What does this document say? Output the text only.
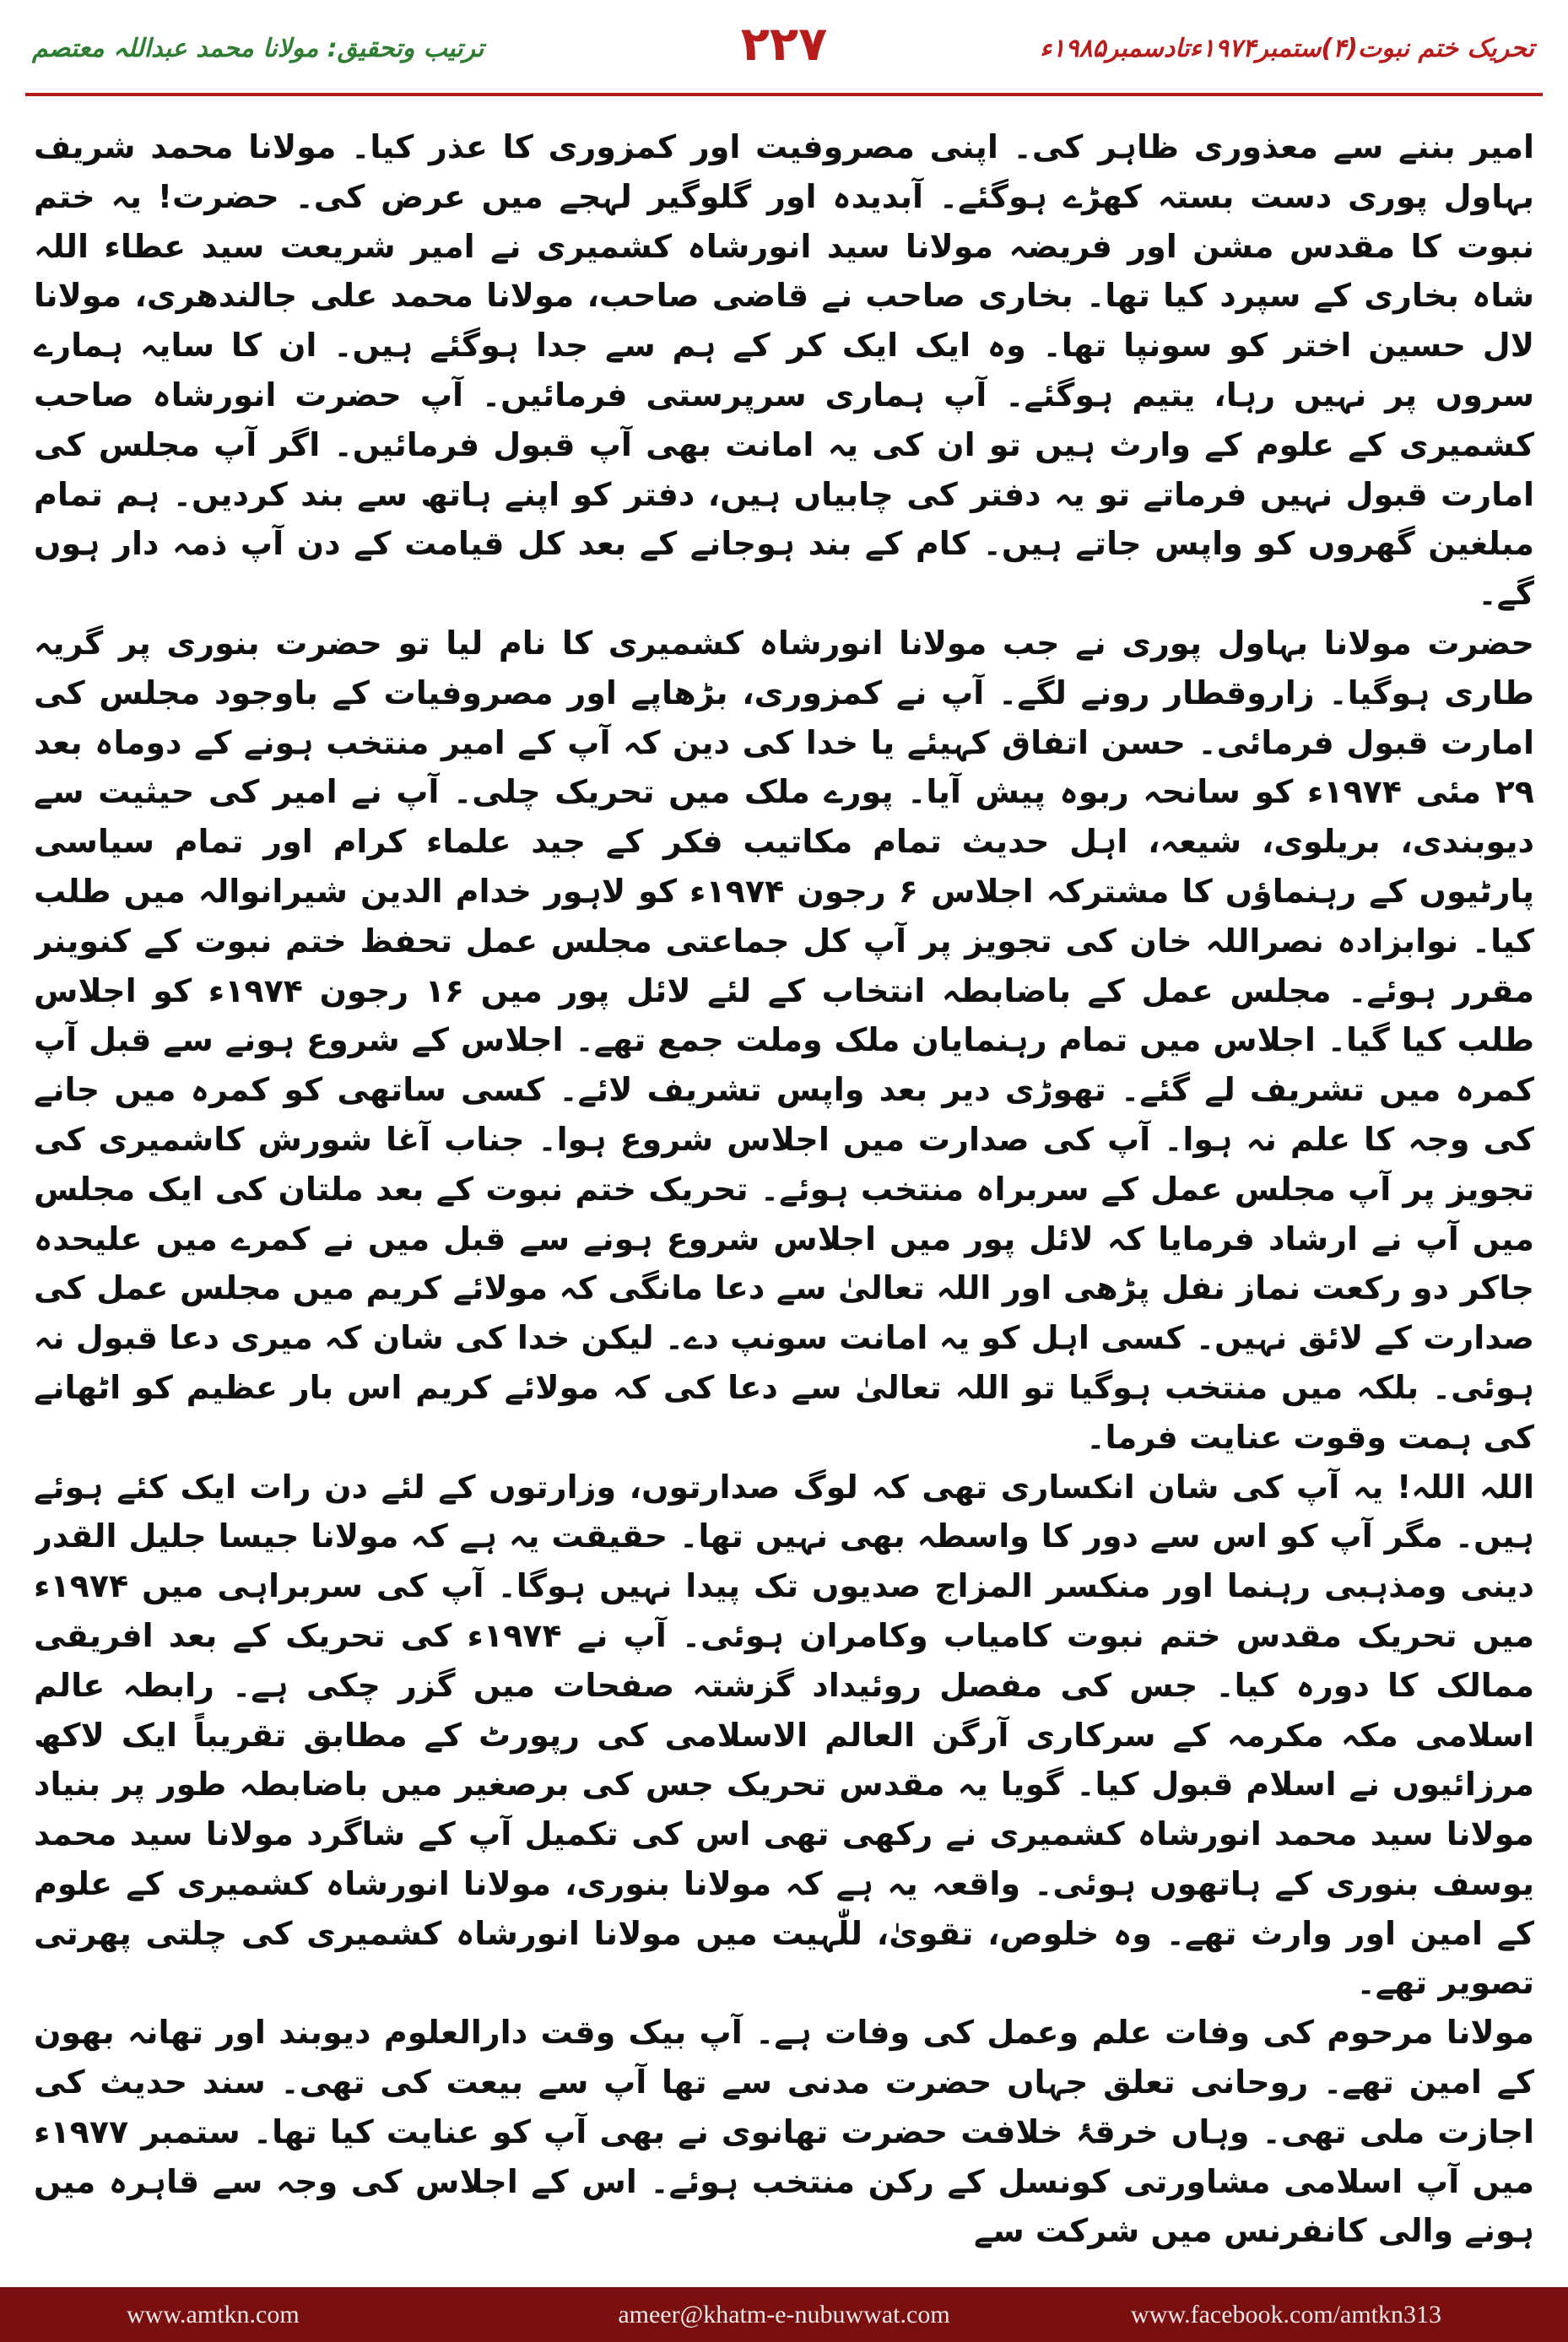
ترتیب وتحقیق: مولانا محمد عبداللہ معتصم	۲۲۷	تحریک ختم نبوت(۴)ستمبر۱۹۷۴ءتادسمبر۱۹۸۵ء

امیر بننے سے معذوری ظاہر کی۔ اپنی مصروفیت اور کمزوری کا عذر کیا۔ مولانا محمد شریف بہاول پوری دست بستہ کھڑے ہوگئے۔ آبدیدہ اور گلوگیر لہجے میں عرض کی۔ حضرت! یہ ختم نبوت کا مقدس مشن اور فریضہ مولانا سید انورشاہ کشمیری نے امیر شریعت سید عطاء اللہ شاہ بخاری کے سپرد کیا تھا۔ بخاری صاحب نے قاضی صاحب، مولانا محمد علی جالندھری، مولانا لال حسین اختر کو سونپا تھا۔ وہ ایک ایک کر کے ہم سے جدا ہوگئے ہیں۔ ان کا سایہ ہمارے سروں پر نہیں رہا، یتیم ہوگئے۔ آپ ہماری سرپرستی فرمائیں۔ آپ حضرت انورشاہ صاحب کشمیری کے علوم کے وارث ہیں تو ان کی یہ امانت بھی آپ قبول فرمائیں۔ اگر آپ مجلس کی امارت قبول نہیں فرماتے تو یہ دفتر کی چابیاں ہیں، دفتر کو اپنے ہاتھ سے بند کردیں۔ ہم تمام مبلغین گھروں کو واپس جاتے ہیں۔ کام کے بند ہوجانے کے بعد کل قیامت کے دن آپ ذمہ دار ہوں گے۔

حضرت مولانا بہاول پوری نے جب مولانا انورشاہ کشمیری کا نام لیا تو حضرت بنوری پر گریہ طاری ہوگیا۔ زاروقطار رونے لگے۔ آپ نے کمزوری، بڑھاپے اور مصروفیات کے باوجود مجلس کی امارت قبول فرمائی۔ حسن اتفاق کہیئے یا خدا کی دین کہ آپ کے امیر منتخب ہونے کے دوماہ بعد ۲۹ مئی ۱۹۷۴ء کو سانحہ ربوہ پیش آیا۔ پورے ملک میں تحریک چلی۔ آپ نے امیر کی حیثیت سے دیوبندی، بریلوی، شیعہ، اہل حدیث تمام مکاتیب فکر کے جید علماء کرام اور تمام سیاسی پارٹیوں کے رہنماؤں کا مشترکہ اجلاس ۶ رجون ۱۹۷۴ء کو لاہور خدام الدین شیرانوالہ میں طلب کیا۔ نوابزادہ نصراللہ خان کی تجویز پر آپ کل جماعتی مجلس عمل تحفظ ختم نبوت کے کنوینر مقرر ہوئے۔ مجلس عمل کے باضابطہ انتخاب کے لئے لائل پور میں ۱۶ رجون ۱۹۷۴ء کو اجلاس طلب کیا گیا۔ اجلاس میں تمام رہنمایان ملک وملت جمع تھے۔ اجلاس کے شروع ہونے سے قبل آپ کمرہ میں تشریف لے گئے۔ تھوڑی دیر بعد واپس تشریف لائے۔ کسی ساتھی کو کمرہ میں جانے کی وجہ کا علم نہ ہوا۔ آپ کی صدارت میں اجلاس شروع ہوا۔ جناب آغا شورش کاشمیری کی تجویز پر آپ مجلس عمل کے سربراہ منتخب ہوئے۔ تحریک ختم نبوت کے بعد ملتان کی ایک مجلس میں آپ نے ارشاد فرمایا کہ لائل پور میں اجلاس شروع ہونے سے قبل میں نے کمرے میں علیحدہ جاکر دو رکعت نماز نفل پڑھی اور اللہ تعالیٰ سے دعا مانگی کہ مولائے کریم میں مجلس عمل کی صدارت کے لائق نہیں۔ کسی اہل کو یہ امانت سونپ دے۔ لیکن خدا کی شان کہ میری دعا قبول نہ ہوئی۔ بلکہ میں منتخب ہوگیا تو اللہ تعالیٰ سے دعا کی کہ مولائے کریم اس بار عظیم کو اٹھانے کی ہمت وقوت عنایت فرما۔

اللہ اللہ! یہ آپ کی شان انکساری تھی کہ لوگ صدارتوں، وزارتوں کے لئے دن رات ایک کئے ہوئے ہیں۔ مگر آپ کو اس سے دور کا واسطہ بھی نہیں تھا۔ حقیقت یہ ہے کہ مولانا جیسا جلیل القدر دینی ومذہبی رہنما اور منکسر المزاج صدیوں تک پیدا نہیں ہوگا۔ آپ کی سربراہی میں ۱۹۷۴ء میں تحریک مقدس ختم نبوت کامیاب وکامران ہوئی۔ آپ نے ۱۹۷۴ء کی تحریک کے بعد افریقی ممالک کا دورہ کیا۔ جس کی مفصل روئیداد گزشتہ صفحات میں گزر چکی ہے۔ رابطہ عالم اسلامی مکہ مکرمہ کے سرکاری آرگن العالم الاسلامی کی رپورٹ کے مطابق تقریباً ایک لاکھ مرزائیوں نے اسلام قبول کیا۔ گویا یہ مقدس تحریک جس کی برصغیر میں باضابطہ طور پر بنیاد مولانا سید محمد انورشاہ کشمیری نے رکھی تھی اس کی تکمیل آپ کے شاگرد مولانا سید محمد یوسف بنوری کے ہاتھوں ہوئی۔ واقعہ یہ ہے کہ مولانا بنوری، مولانا انورشاہ کشمیری کے علوم کے امین اور وارث تھے۔ وہ خلوص، تقویٰ، للّٰہیت میں مولانا انورشاہ کشمیری کی چلتی پھرتی تصویر تھے۔

مولانا مرحوم کی وفات علم وعمل کی وفات ہے۔ آپ بیک وقت دارالعلوم دیوبند اور تھانہ بھون کے امین تھے۔ روحانی تعلق جہاں حضرت مدنی سے تھا آپ سے بیعت کی تھی۔ سند حدیث کی اجازت ملی تھی۔ وہاں خرقۂ خلافت حضرت تھانوی نے بھی آپ کو عنایت کیا تھا۔ ستمبر ۱۹۷۷ء میں آپ اسلامی مشاورتی کونسل کے رکن منتخب ہوئے۔ اس کے اجلاس کی وجہ سے قاہرہ میں ہونے والی کانفرنس میں شرکت سے

www.amtkn.com	ameer@khatm-e-nubuwwat.com	www.facebook.com/amtkn313
